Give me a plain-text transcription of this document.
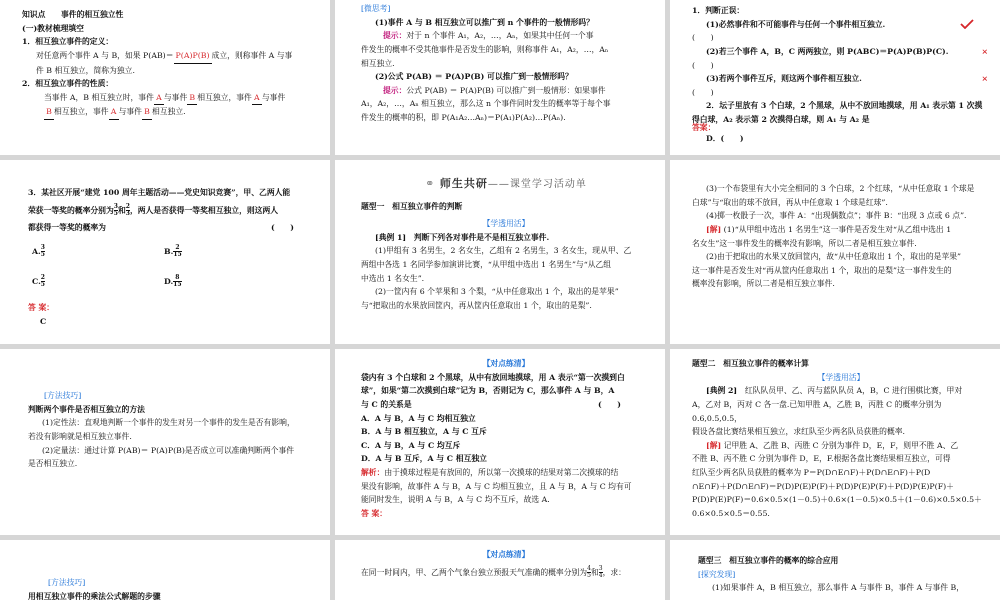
知识点　　事件的相互独立性
(一)教材梳理填空
1．相互独立事件的定义：
对任意两个事件 A 与 B，如果 P(AB)＝ P(A)P(B) 成立，则称事件 A 与事
件 B 相互独立，简称为独立.
2．相互独立事件的性质：
当事件 A，B 相互独立时，事件 A 与事件 B 相互独立，事件 A 与事件
B 相互独立，事件 A 与事件 B 相互独立.
[微思考]
(1)事件 A 与 B 相互独立可以推广到 n 个事件的一般情形吗？
提示：对于 n 个事件 A₁，A₂，…，Aₙ，如果其中任何一个事
件发生的概率不受其他事件是否发生的影响，则称事件 A₁，A₂，…，Aₙ
相互独立.
(2)公式 P(AB) ＝ P(A)P(B) 可以推广到一般情形吗？
提示：公式 P(AB) ＝ P(A)P(B) 可以推广到一般情形：如果事件
A₁，A₂，…，Aₙ 相互独立，那么这 n 个事件同时发生的概率等于每个事
件发生的概率的积，即 P(A₁A₂…Aₙ)＝P(A₁)P(A₂)…P(Aₙ).
1．判断正误：
(1)必然事件和不可能事件与任何一个事件相互独立.
(　　)
(2)若三个事件 A，B，C 两两独立，则 P(ABC)＝P(A)P(B)P(C).	×
(　　)
(3)若两个事件互斥，则这两个事件相互独立.
(　　)
×
2．坛子里放有 3 个白球，2 个黑球，从中不放回地摸球，用 A₁ 表示第 1 次摸
得白球，A₂ 表示第 2 次摸得白球，则 A₁ 与 A₂ 是
答案：
D．(　　)
3．某社区开展“建党 100 周年主题活动——党史知识竞赛”，甲、乙两人能
荣获一等奖的概率分别为 $\frac{3}{5}$ 和 $\frac{2}{3}$ ，两人是否获得一等奖相互独立，则这两人
都获得一等奖的概率为	(　　)
A. $\frac{3}{5}$	B. $\frac{2}{15}$
C. $\frac{2}{5}$	D. $\frac{8}{15}$
答 案：
C
⚭ 师生共研——课堂学习活动单
题型一　相互独立事件的判断
【学透用活】
[典例 1]　判断下列各对事件是不是相互独立事件.
(1)甲组有 3 名男生，2 名女生，乙组有 2 名男生，3 名女生，现从甲、乙
两组中各选 1 名同学参加演讲比赛，“从甲组中选出 1 名男生”与“从乙组
中选出 1 名女生”.
(2)一筐内有 6 个苹果和 3 个梨，“从中任意取出 1 个，取出的是苹果”
与“把取出的水果放回筐内，再从筐内任意取出 1 个，取出的是梨”.
(3)一个布袋里有大小完全相同的 3 个白球，2 个红球，“从中任意取 1 个球是
白球”与“取出的球不放回，再从中任意取 1 个球是红球”.
(4)掷一枚骰子一次，事件 A：“出现偶数点”；事件 B：“出现 3 点或 6 点”.
[解] (1)“从甲组中选出 1 名男生”这一事件是否发生对“从乙组中选出 1
名女生”这一事件发生的概率没有影响，所以二者是相互独立事件.
(2)由于把取出的水果又放回筐内，故“从中任意取出 1 个，取出的是苹果”
这一事件是否发生对“再从筐内任意取出 1 个，取出的是梨”这一事件发生的
概率没有影响，所以二者是相互独立事件.
[方法技巧]
判断两个事件是否相互独立的方法
(1)定性法：直观地判断一个事件的发生对另一个事件的发生是否有影响，
若没有影响就是相互独立事件.
(2)定量法：通过计算 P(AB)＝ P(A)P(B)是否成立可以准确判断两个事件
是否相互独立.
【对点练清】
袋内有 3 个白球和 2 个黑球，从中有放回地摸球，用 A 表示“第一次摸到白
球”，如果“第二次摸到白球”记为 B，否则记为 C，那么事件 A 与 B，A
与 C 的关系是	(　　)
A．A 与 B，A 与 C 均相互独立
B．A 与 B 相互独立，A 与 C 互斥
C．A 与 B，A 与 C 均互斥
D．A 与 B 互斥，A 与 C 相互独立
解析：由于摸球过程是有放回的，所以第一次摸球的结果对第二次摸球的结
果没有影响，故事件 A 与 B，A 与 C 均相互独立，且 A 与 B，A 与 C 均有可
能同时发生，说明 A 与 B，A 与 C 均不互斥，故选 A.
答 案：
题型二　相互独立事件的概率计算
【学透用活】
[典例 2]　 红队队员甲、乙、丙与蓝队队员 A，B，C 进行围棋比赛，甲对
A，乙对 B，丙对 C 各一盘.已知甲胜 A，乙胜 B，丙胜 C 的概率分别为 0.6,0.5,0.5，
假设各盘比赛结果相互独立，求红队至少两名队员获胜的概率.
[解] 记甲胜 A、乙胜 B、丙胜 C 分别为事件 D，E，F，则甲不胜 A、乙
不胜 B、丙不胜 C 分别为事件 D，E，F.根据各盘比赛结果相互独立，可得
红队至少两名队员获胜的概率为 P＝P(D∩E∩F)＋P(D∩E∩F)＋P(D
∩E∩F)＋P(D∩E∩F)＝P(D)P(E)P(F)＋P(D)P(E)P(F)＋P(D)P(E)P(F)＋
P(D)P(E)P(F)＝0.6×0.5×(1－0.5)＋0.6×(1－0.5)×0.5＋(1－0.6)×0.5×0.5＋
0.6×0.5×0.5＝0.55.
[方法技巧]
用相互独立事件的乘法公式解题的步骤
【对点练清】
在同一时间内，甲、乙两个气象台独立预报天气准确的概率分别为 $\frac{4}{5}$ 和 $\frac{3}{4}$ ，求：
题型三　相互独立事件的概率的综合应用
[探究发现]
(1)如果事件 A，B 相互独立，那么事件 A 与事件 B，事件 A 与事件 B，
